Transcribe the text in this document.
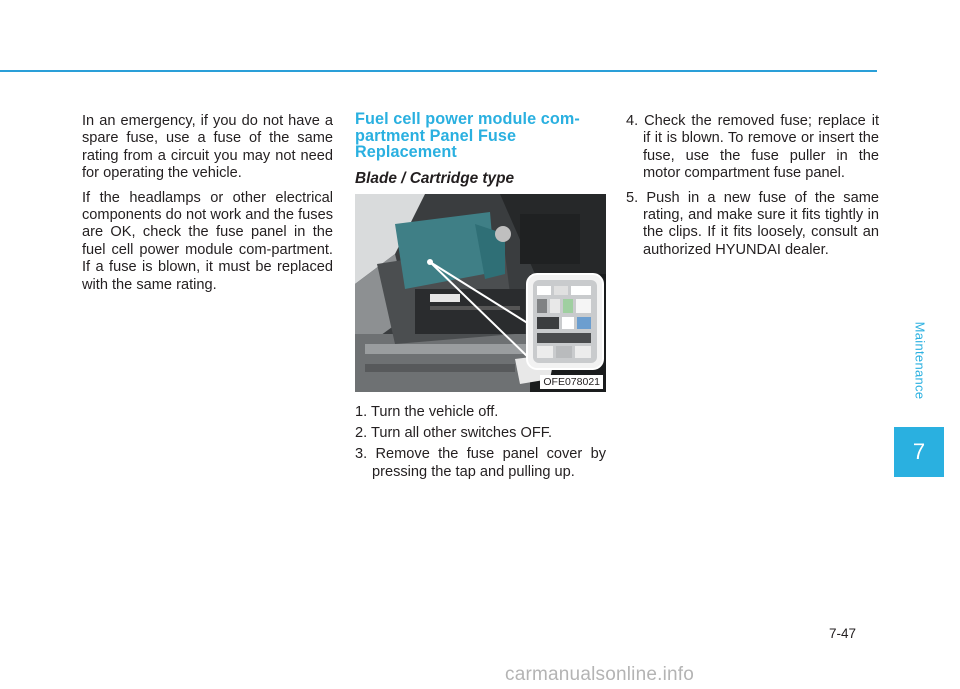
In an emergency, if you do not have a spare fuse, use a fuse of the same rating from a circuit you may not need for operating the vehicle.

If the headlamps or other electrical components do not work and the fuses are OK, check the fuse panel in the fuel cell power module com-partment. If a fuse is blown, it must be replaced with the same rating.

Fuel cell power module com-partment Panel Fuse Replacement
Blade / Cartridge type
OFE078021
1. Turn the vehicle off.
2. Turn all other switches OFF.
3. Remove the fuse panel cover by pressing the tap and pulling up.
4. Check the removed fuse; replace it if it is blown. To remove or insert the fuse, use the fuse puller in the motor compartment fuse panel.
5. Push in a new fuse of the same rating, and make sure it fits tightly in the clips. If it fits loosely, consult an authorized HYUNDAI dealer.
Maintenance
7
7-47
carmanualsonline.info
